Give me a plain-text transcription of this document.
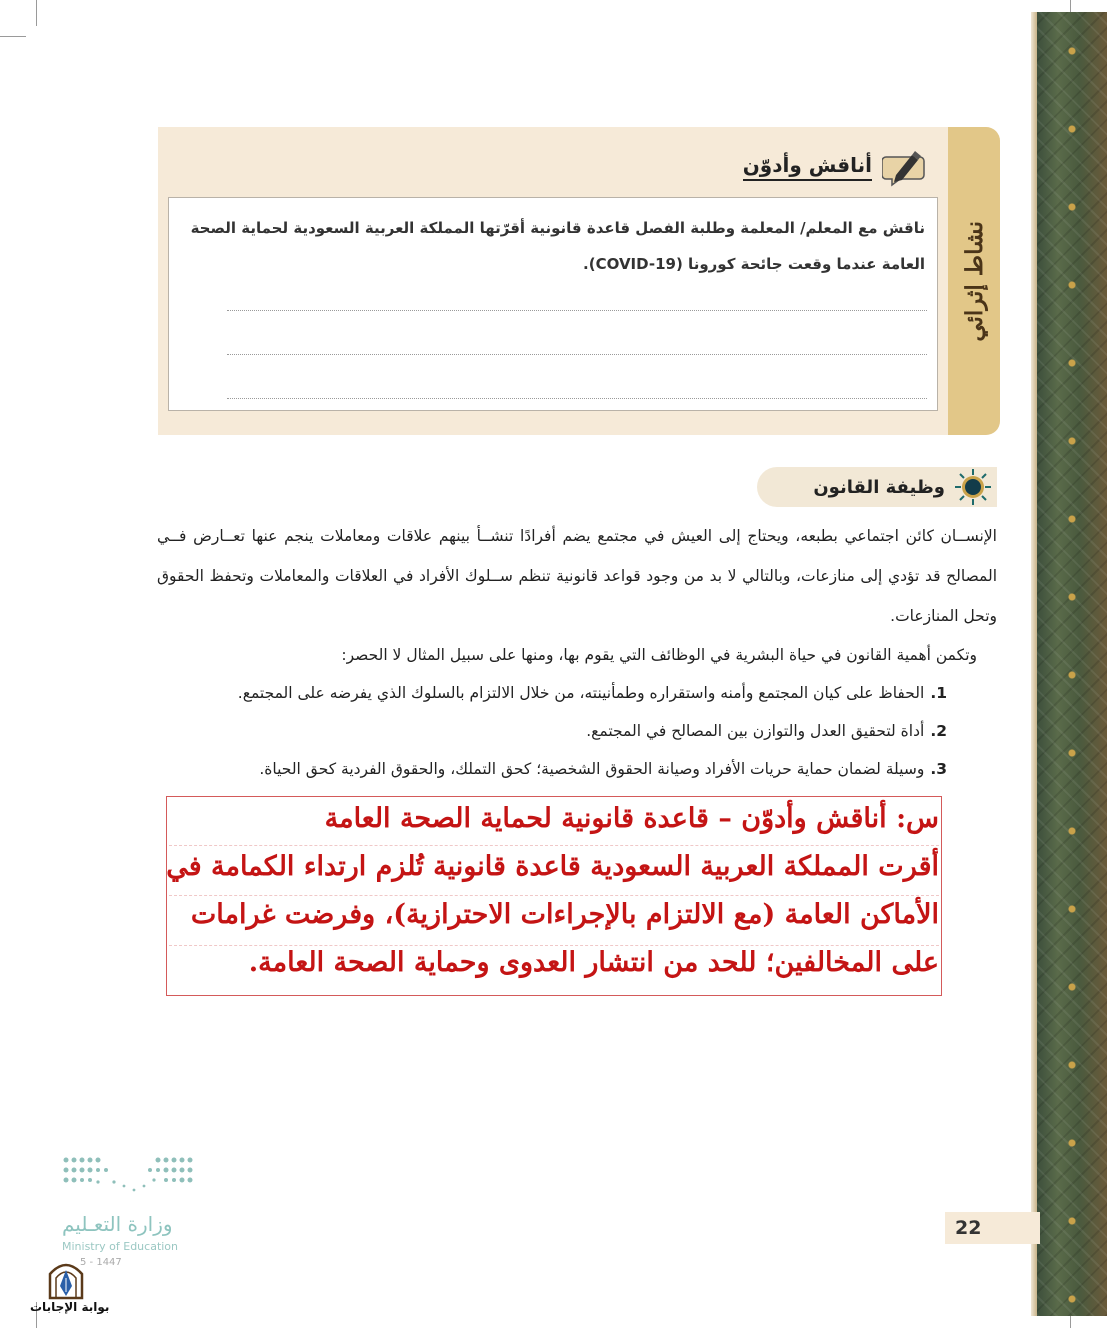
نشاط إثرائي
أناقش وأدوّن

ناقش مع المعلم/ المعلمة وطلبة الفصل قاعدة قانونية أقرّتها المملكة العربية السعودية لحماية الصحة العامة عندما وقعت جائحة كورونا (COVID-19).

وظيفة القانون

الإنســان كائن اجتماعي بطبعه، ويحتاج إلى العيش في مجتمع يضم أفرادًا تنشــأ بينهم علاقات ومعاملات ينجم عنها تعــارض فــي المصالح قد تؤدي إلى منازعات، وبالتالي لا بد من وجود قواعد قانونية تنظم ســلوك الأفراد في العلاقات والمعاملات وتحفظ الحقوق وتحل المنازعات.

وتكمن أهمية القانون في حياة البشرية في الوظائف التي يقوم بها، ومنها على سبيل المثال لا الحصر:

1.الحفاظ على كيان المجتمع وأمنه واستقراره وطمأنينته، من خلال الالتزام بالسلوك الذي يفرضه على المجتمع.
2.أداة لتحقيق العدل والتوازن بين المصالح في المجتمع.
3.وسيلة لضمان حماية حريات الأفراد وصيانة الحقوق الشخصية؛ كحق التملك، والحقوق الفردية كحق الحياة.
س: أناقش وأدوّن – قاعدة قانونية لحماية الصحة العامة
أقرت المملكة العربية السعودية قاعدة قانونية تُلزم ارتداء الكمامة في
الأماكن العامة (مع الالتزام بالإجراءات الاحترازية)، وفرضت غرامات
على المخالفين؛ للحد من انتشار العدوى وحماية الصحة العامة.
22
وزارة التعـليم
Ministry of Education
5 - 1447
بوابة الإجابات
